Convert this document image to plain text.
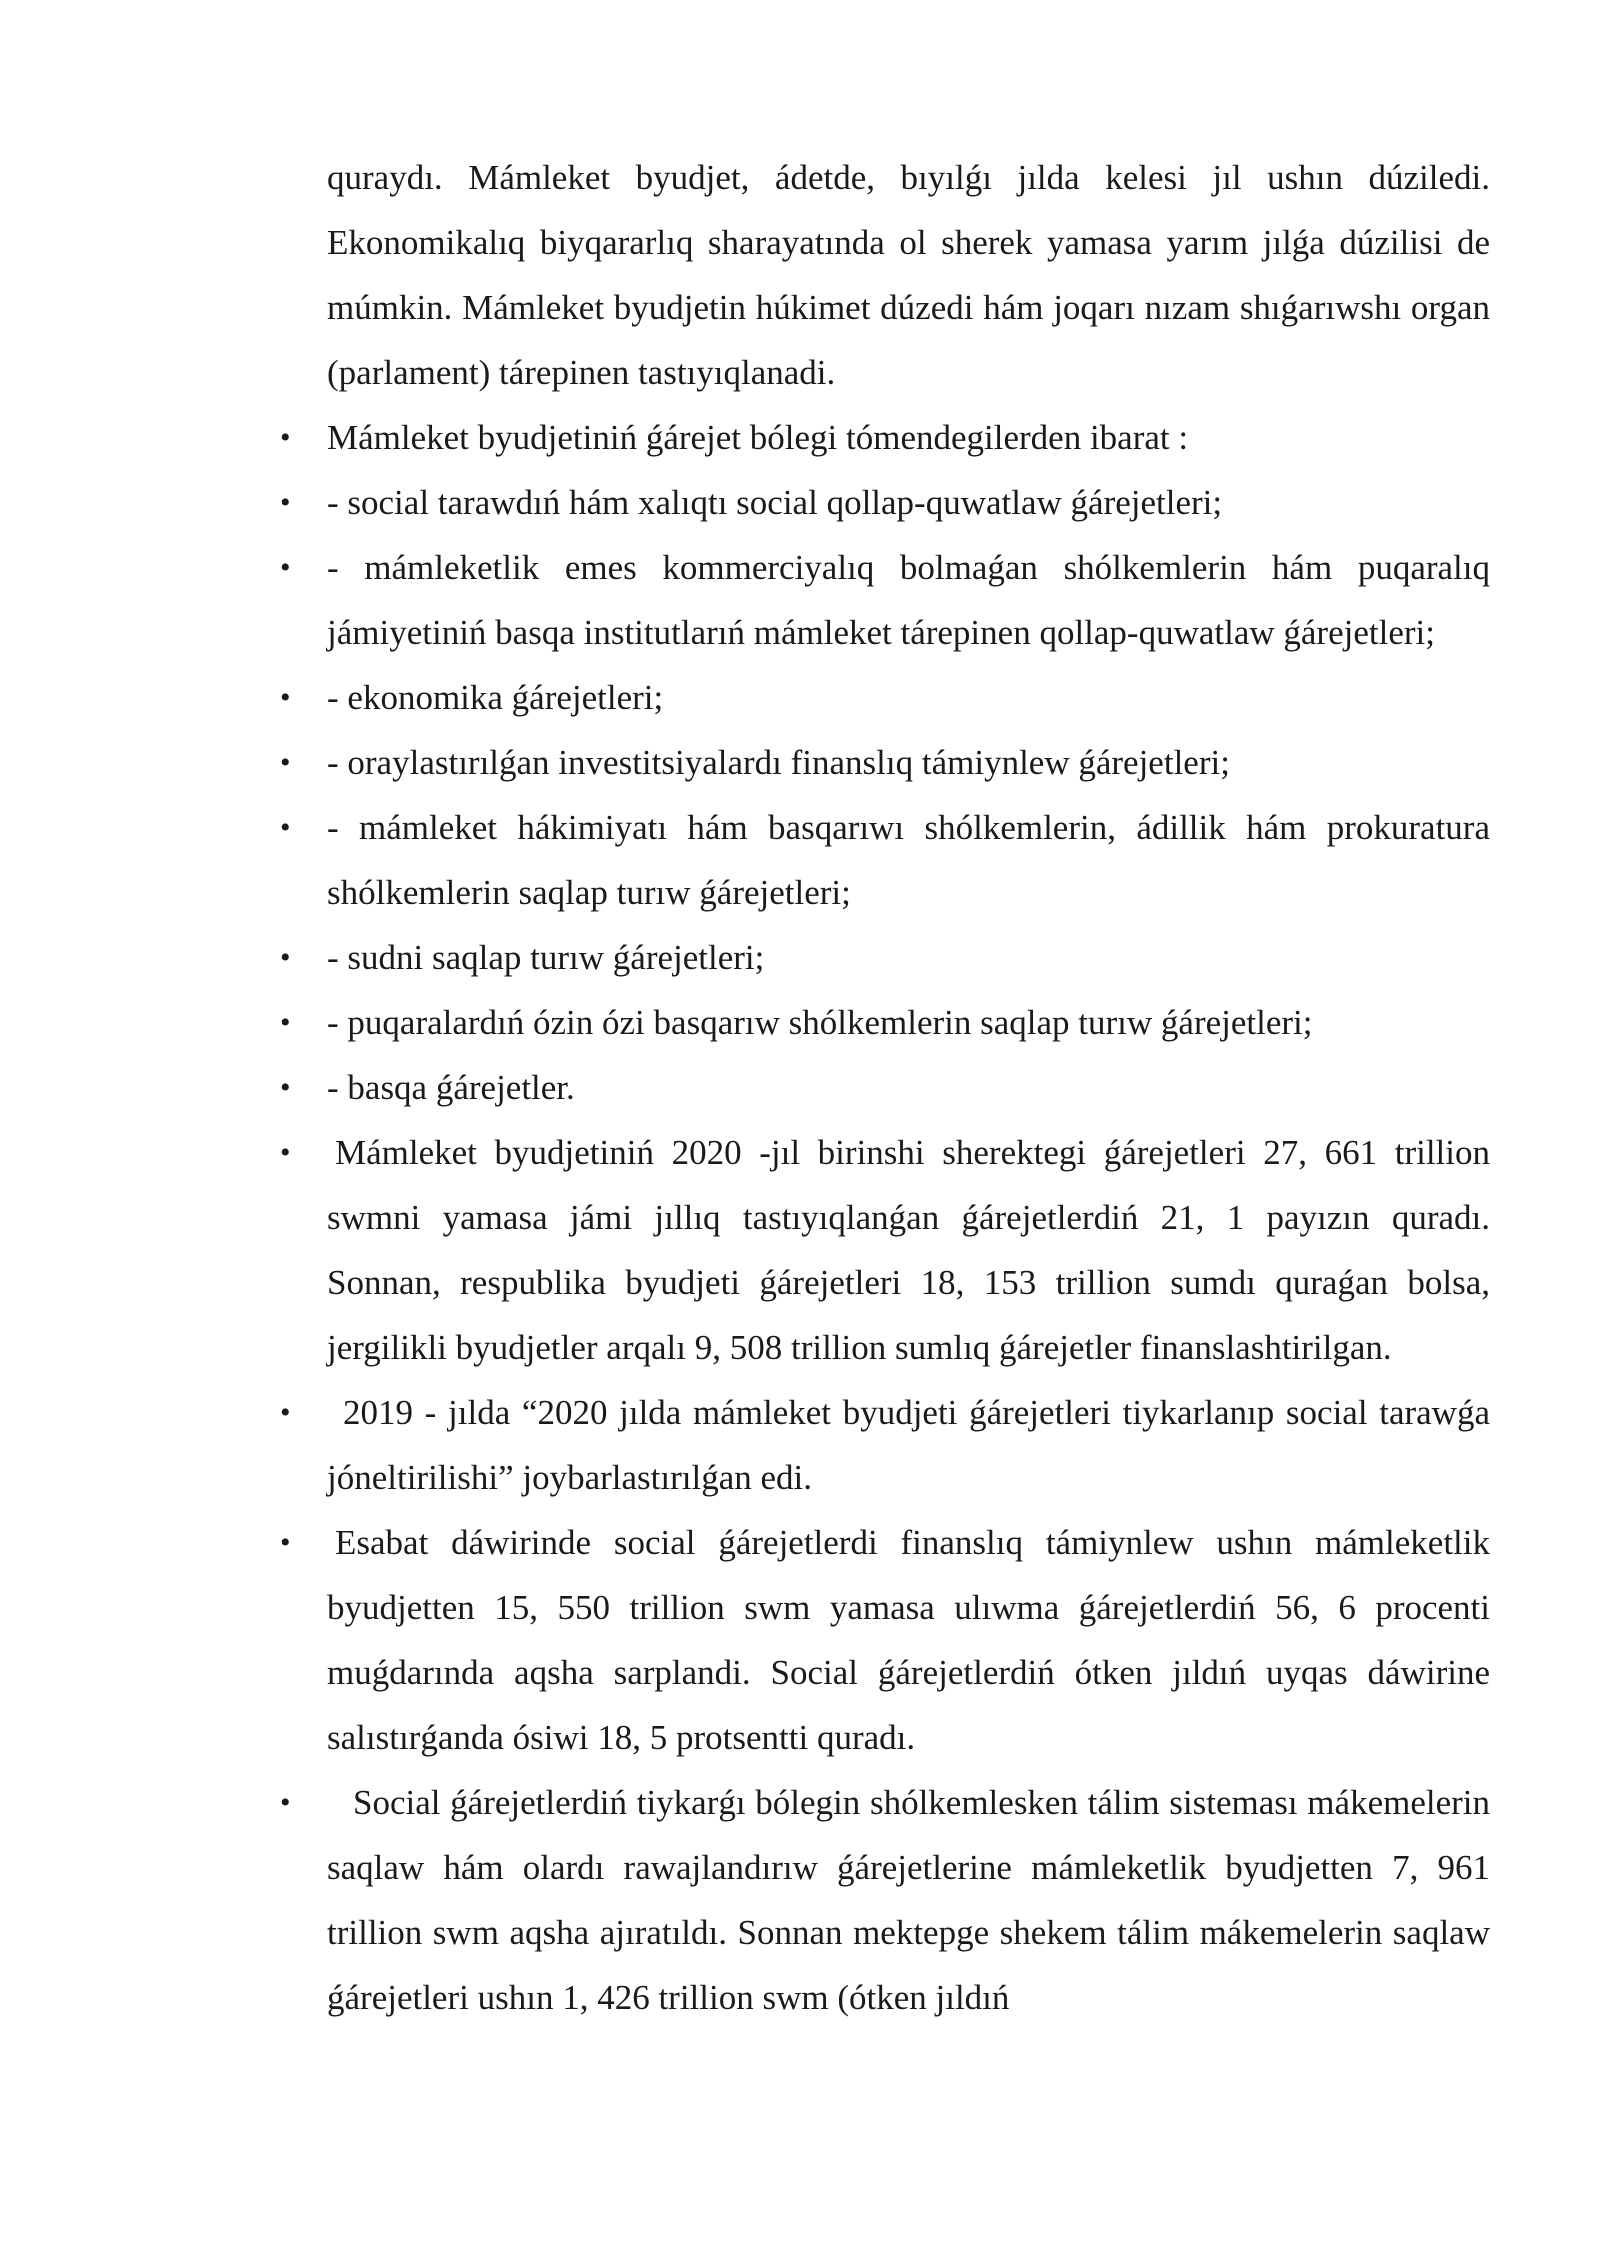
quraydı. Mámleket byudjet, ádetde, bıyılǵı jılda kelesi jıl ushın dúziledi. Ekonomikalıq biyqararlıq sharayatında ol sherek yamasa yarım jılǵa dúzilisi de múmkin. Mámleket byudjetin húkimet dúzedi hám joqarı nızam shıǵarıwshı organ (parlament) tárepinen tastıyıqlanadi.

• Mámleket byudjetiniń ǵárejet bólegi tómendegilerden ibarat :
• - social tarawdıń hám xalıqtı social qollap-quwatlaw ǵárejetleri;
• - mámleketlik emes kommerciyalıq bolmaǵan shólkemlerin hám puqaralıq jámiyetiniń basqa institutlarıń mámleket tárepinen qollap-quwatlaw ǵárejetleri;
• - ekonomika ǵárejetleri;
• - oraylastırılǵan investitsiyalardı finanslıq támiynlew ǵárejetleri;
• - mámleket hákimiyatı hám basqarıwı shólkemlerin, ádillik hám prokuratura shólkemlerin saqlap turıw ǵárejetleri;
• - sudni saqlap turıw ǵárejetleri;
• - puqaralardıń ózin ózi basqarıw shólkemlerin saqlap turıw ǵárejetleri;
• - basqa ǵárejetler.
• Mámleket byudjetiniń 2020 -jıl birinshi sherektegi ǵárejetleri 27, 661 trillion swmni yamasa jámi jıllıq tastıyıqlanǵan ǵárejetlerdiń 21, 1 payızın quradı. Sonnan, respublika byudjeti ǵárejetleri 18, 153 trillion sumdı quraǵan bolsa, jergilikli byudjetler arqalı 9, 508 trillion sumlıq ǵárejetler finanslashtirilgan.
•	2019 - jılda “2020 jılda mámleket byudjeti ǵárejetleri tiykarlanıp social tarawǵa jóneltirilishi” joybarlastırılǵan edi.
• Esabat dáwirinde social ǵárejetlerdi finanslıq támiynlew ushın mámleketlik byudjetten 15, 550 trillion swm yamasa ulıwma ǵárejetlerdiń 56, 6 procenti muǵdarında aqsha sarplandi. Social ǵárejetlerdiń ótken jıldıń uyqas dáwirine salıstırǵanda ósiwi 18, 5 protsentti quradı.
•	Social ǵárejetlerdiń tiykarǵı bólegin shólkemlesken tálim sisteması mákemelerin saqlaw hám olardı rawajlandırıw ǵárejetlerine mámleketlik byudjetten 7, 961 trillion swm aqsha ajıratıldı. Sonnan mektepge shekem tálim mákemelerin saqlaw ǵárejetleri ushın 1, 426 trillion swm (ótken jıldıń
